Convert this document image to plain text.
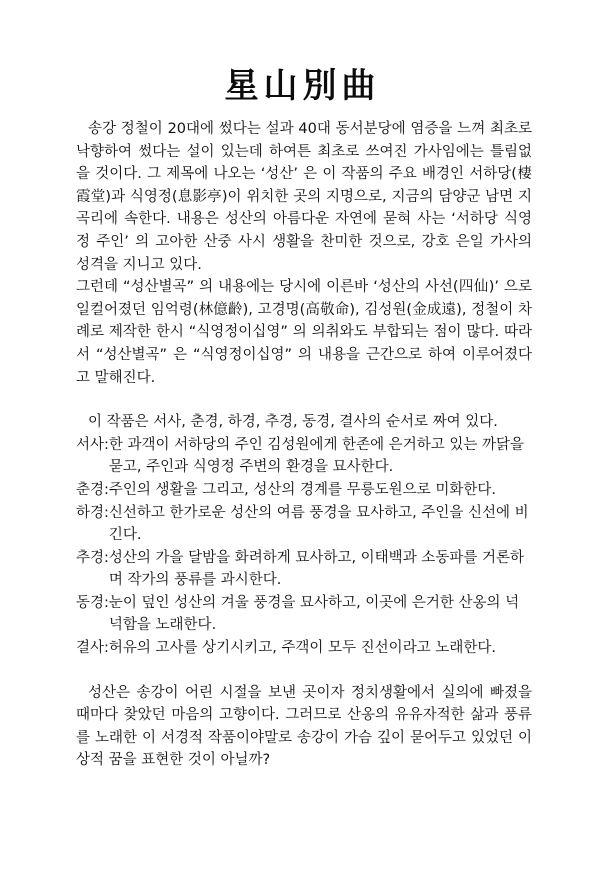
星山別曲

송강 정철이 20대에 썼다는 설과 40대 동서분당에 염증을 느껴 최초로 낙향하여 썼다는 설이 있는데 하여튼 최초로 쓰여진 가사임에는 틀림없을 것이다. 그 제목에 나오는 ‘성산’ 은 이 작품의 주요 배경인 서하당(棲霞堂)과 식영정(息影亭)이 위치한 곳의 지명으로, 지금의 담양군 남면 지곡리에 속한다. 내용은 성산의 아름다운 자연에 묻혀 사는 ‘서하당 식영정 주인’ 의 고아한 산중 사시 생활을 찬미한 것으로, 강호 은일 가사의 성격을 지니고 있다.

그런데 “성산별곡” 의 내용에는 당시에 이른바 ‘성산의 사선(四仙)’ 으로 일컬어졌던 임억령(林億齡), 고경명(高敬命), 김성원(金成遠), 정철이 차례로 제작한 한시 “식영정이십영” 의 의취와도 부합되는 점이 많다. 따라서 “성산별곡” 은 “식영정이십영” 의 내용을 근간으로 하여 이루어졌다고 말해진다.

이 작품은 서사, 춘경, 하경, 추경, 동경, 결사의 순서로 짜여 있다.

서사: 한 과객이 서하당의 주인 김성원에게 한존에 은거하고 있는 까닭을 묻고, 주인과 식영정 주변의 환경을 묘사한다.
춘경: 주인의 생활을 그리고, 성산의 경계를 무릉도원으로 미화한다.
하경: 신선하고 한가로운 성산의 여름 풍경을 묘사하고, 주인을 신선에 비긴다.
추경: 성산의 가을 달밤을 화려하게 묘사하고, 이태백과 소동파를 거론하며 작가의 풍류를 과시한다.
동경: 눈이 덮인 성산의 겨울 풍경을 묘사하고, 이곳에 은거한 산옹의 넉넉함을 노래한다.
결사: 허유의 고사를 상기시키고, 주객이 모두 진선이라고 노래한다.

성산은 송강이 어린 시절을 보낸 곳이자 정치생활에서 실의에 빠졌을 때마다 찾았던 마음의 고향이다. 그러므로 산옹의 유유자적한 삶과 풍류를 노래한 이 서경적 작품이야말로 송강이 가슴 깊이 묻어두고 있었던 이상적 꿈을 표현한 것이 아닐까?
